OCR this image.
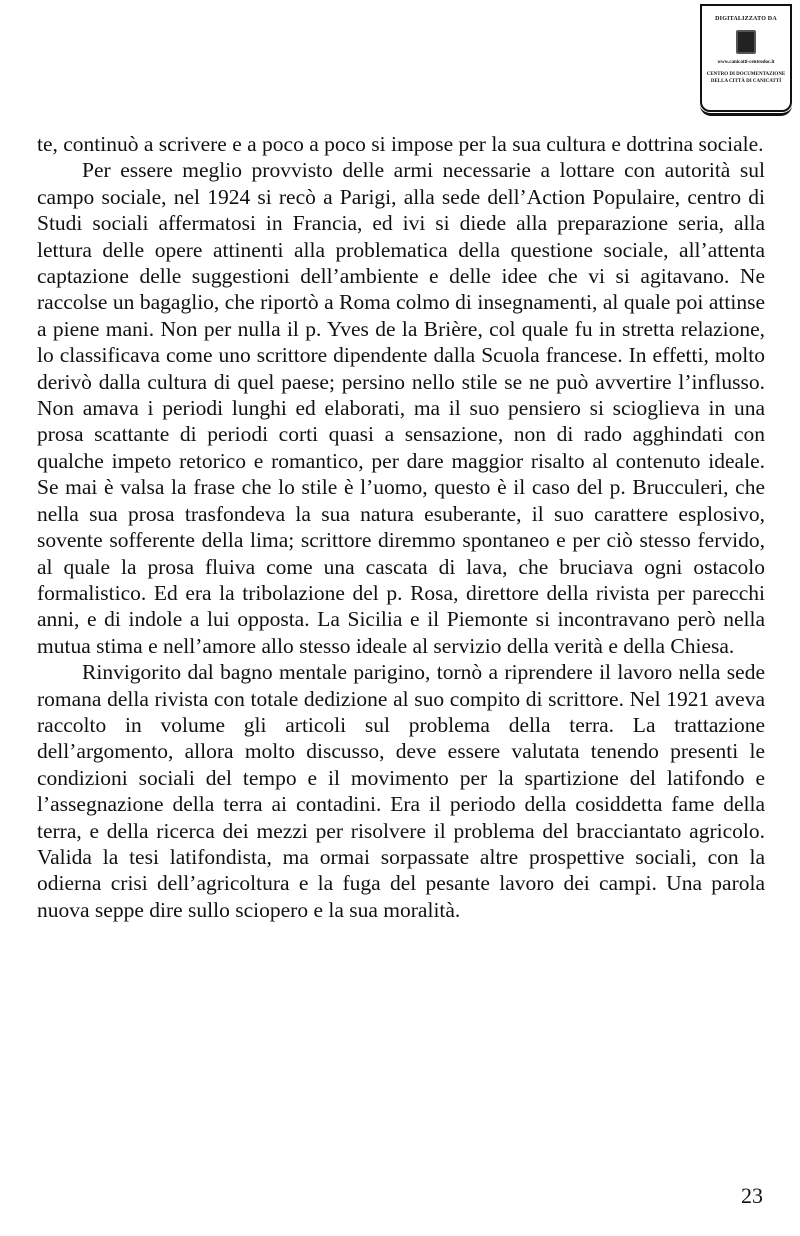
DIGITALIZZATO DA
www.canicatti-centrodoc.it
CENTRO DI DOCUMENTAZIONE
DELLA CITTÀ DI CANICATTÌ

te, continuò a scrivere e a poco a poco si impose per la sua cultura e dottrina sociale.

Per essere meglio provvisto delle armi necessarie a lottare con autorità sul campo sociale, nel 1924 si recò a Parigi, alla sede dell’Action Populaire, centro di Studi sociali affermatosi in Francia, ed ivi si diede alla preparazione seria, alla lettura delle opere attinenti alla problematica della questione sociale, all’attenta captazione delle suggestioni dell’ambiente e delle idee che vi si agitavano. Ne raccolse un bagaglio, che riportò a Roma colmo di insegnamenti, al quale poi attinse a piene mani. Non per nulla il p. Yves de la Brière, col quale fu in stretta relazione, lo classificava come uno scrittore dipendente dalla Scuola francese. In effetti, molto derivò dalla cultura di quel paese; persino nello stile se ne può avvertire l’influsso. Non amava i periodi lunghi ed elaborati, ma il suo pensiero si scioglieva in una prosa scattante di periodi corti quasi a sensazione, non di rado agghindati con qualche impeto retorico e romantico, per dare maggior risalto al contenuto ideale. Se mai è valsa la frase che lo stile è l’uomo, questo è il caso del p. Brucculeri, che nella sua prosa trasfondeva la sua natura esuberante, il suo carattere esplosivo, sovente sofferente della lima; scrittore diremmo spontaneo e per ciò stesso fervido, al quale la prosa fluiva come una cascata di lava, che bruciava ogni ostacolo formalistico. Ed era la tribolazione del p. Rosa, direttore della rivista per parecchi anni, e di indole a lui opposta. La Sicilia e il Piemonte si incontravano però nella mutua stima e nell’amore allo stesso ideale al servizio della verità e della Chiesa.

Rinvigorito dal bagno mentale parigino, tornò a riprendere il lavoro nella sede romana della rivista con totale dedizione al suo compito di scrittore. Nel 1921 aveva raccolto in volume gli articoli sul problema della terra. La trattazione dell’argomento, allora molto discusso, deve essere valutata tenendo presenti le condizioni sociali del tempo e il movimento per la spartizione del latifondo e l’assegnazione della terra ai contadini. Era il periodo della cosiddetta fame della terra, e della ricerca dei mezzi per risolvere il problema del bracciantato agricolo. Valida la tesi latifondista, ma ormai sorpassate altre prospettive sociali, con la odierna crisi dell’agricoltura e la fuga del pesante lavoro dei campi. Una parola nuova seppe dire sullo sciopero e la sua moralità.

23
